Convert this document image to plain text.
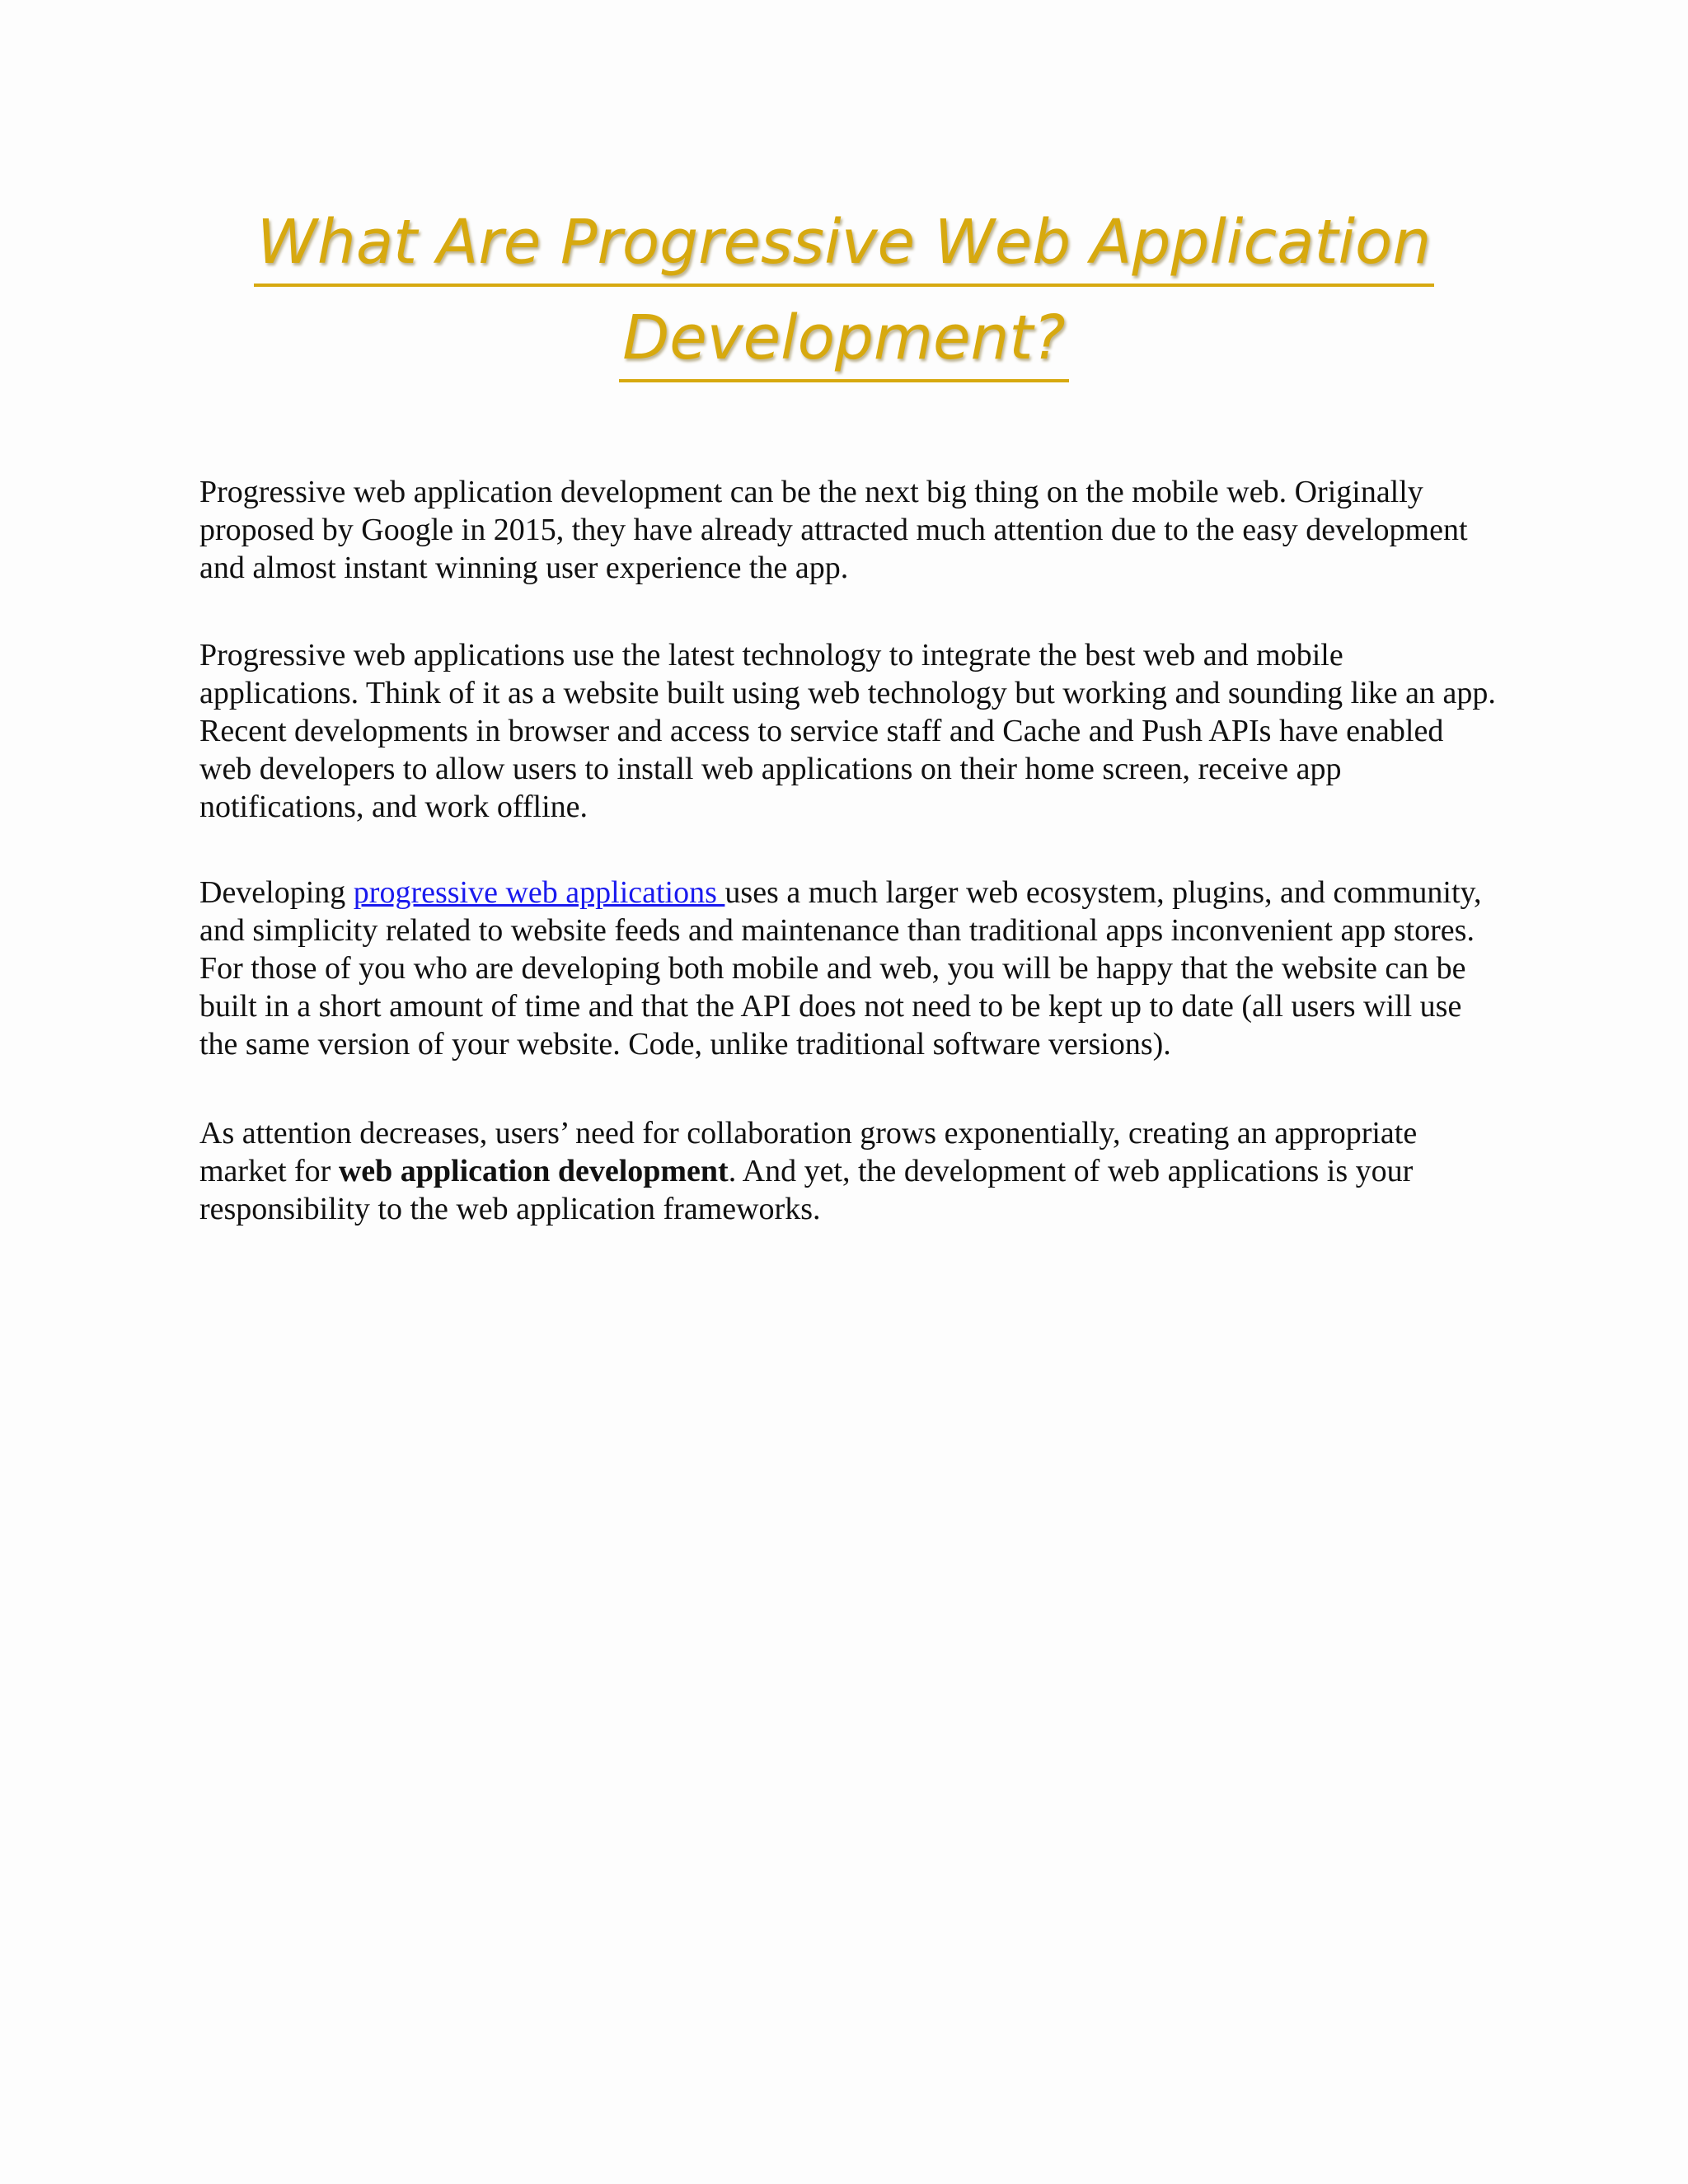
What Are Progressive Web Application
Development?

Progressive web application development can be the next big thing on the mobile web. Originally proposed by Google in 2015, they have already attracted much attention due to the easy development and almost instant winning user experience the app.

Progressive web applications use the latest technology to integrate the best web and mobile applications. Think of it as a website built using web technology but working and sounding like an app. Recent developments in browser and access to service staff and Cache and Push APIs have enabled web developers to allow users to install web applications on their home screen, receive app notifications, and work offline.

Developing progressive web applications uses a much larger web ecosystem, plugins, and community, and simplicity related to website feeds and maintenance than traditional apps inconvenient app stores. For those of you who are developing both mobile and web, you will be happy that the website can be built in a short amount of time and that the API does not need to be kept up to date (all users will use the same version of your website. Code, unlike traditional software versions).

As attention decreases, users’ need for collaboration grows exponentially, creating an appropriate market for web application development. And yet, the development of web applications is your responsibility to the web application frameworks.
